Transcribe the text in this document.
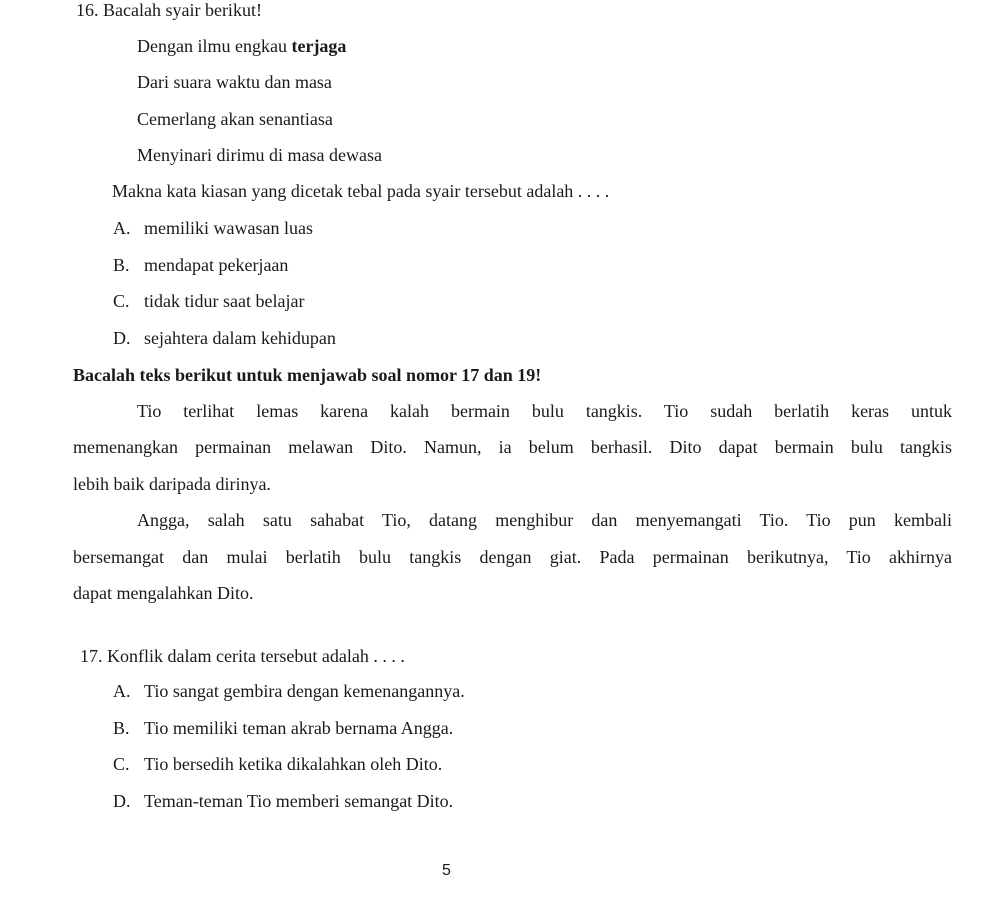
16. Bacalah syair berikut!
Dengan ilmu engkau terjaga
Dari suara waktu dan masa
Cemerlang akan senantiasa
Menyinari dirimu di masa dewasa
Makna kata kiasan yang dicetak tebal pada syair tersebut adalah . . . .
A. memiliki wawasan luas
B. mendapat pekerjaan
C. tidak tidur saat belajar
D. sejahtera dalam kehidupan
Bacalah teks berikut untuk menjawab soal nomor 17 dan 19!
Tio terlihat lemas karena kalah bermain bulu tangkis. Tio sudah berlatih keras untuk
memenangkan permainan melawan Dito. Namun, ia belum berhasil. Dito dapat bermain bulu tangkis
lebih baik daripada dirinya.
Angga, salah satu sahabat Tio, datang menghibur dan menyemangati Tio. Tio pun kembali
bersemangat dan mulai berlatih bulu tangkis dengan giat. Pada permainan berikutnya, Tio akhirnya
dapat mengalahkan Dito.
17. Konflik dalam cerita tersebut adalah . . . .
A. Tio sangat gembira dengan kemenangannya.
B. Tio memiliki teman akrab bernama Angga.
C. Tio bersedih ketika dikalahkan oleh Dito.
D. Teman-teman Tio memberi semangat Dito.
5
